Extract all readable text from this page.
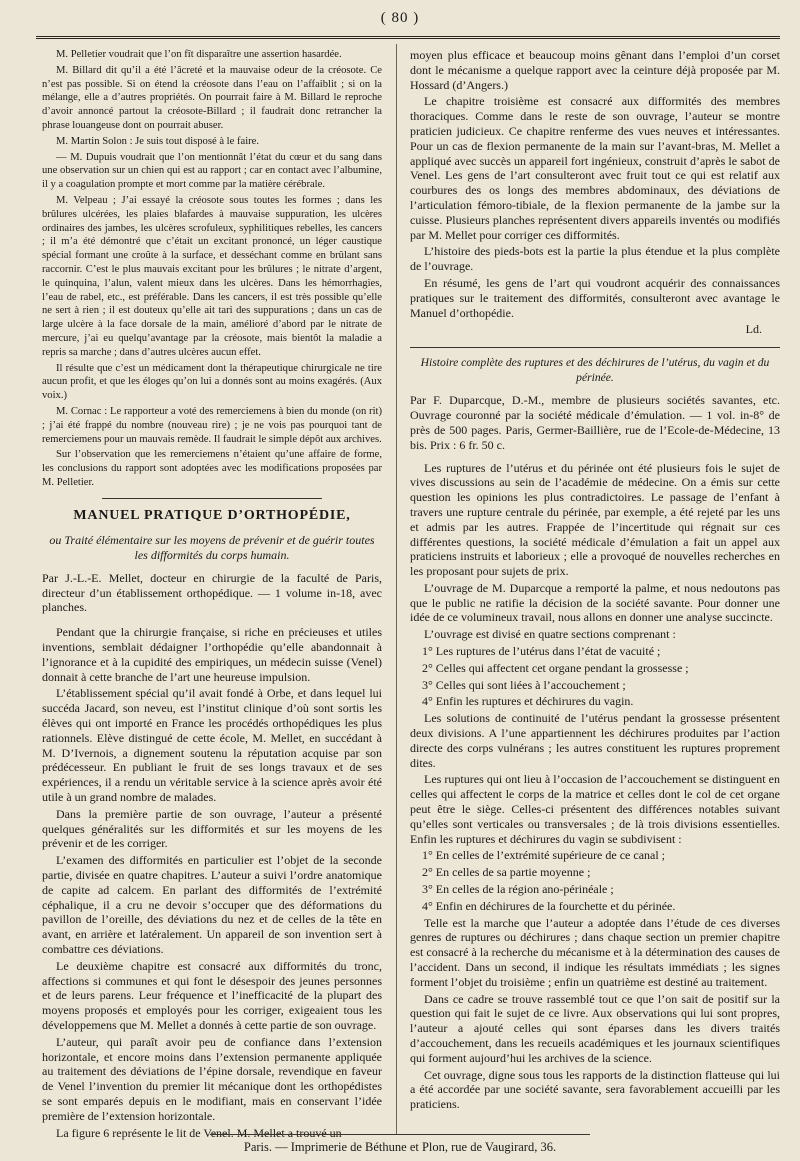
( 80 )

M. Pelletier voudrait que l’on fît disparaître une assertion hasardée.

M. Billard dit qu’il a été l’âcreté et la mauvaise odeur de la créosote. Ce n’est pas possible. Si on étend la créosote dans l’eau on l’affaiblit ; si on la mélange, elle a d’autres propriétés. On pourrait faire à M. Billard le reproche d’avoir annoncé partout la créosote-Billard ; il faudrait donc retrancher la phrase louangeuse dont on pourrait abuser.

M. Martin Solon : Je suis tout disposé à le faire.

— M. Dupuis voudrait que l’on mentionnât l’état du cœur et du sang dans une observation sur un chien qui est au rapport ; car en contact avec l’albumine, il y a coagulation prompte et mort comme par la matière cérébrale.

M. Velpeau ; J’ai essayé la créosote sous toutes les formes ; dans les brûlures ulcérées, les plaies blafardes à mauvaise suppuration, les ulcères ordinaires des jambes, les ulcères scrofuleux, syphilitiques rebelles, les cancers ; il m’a été démontré que c’était un excitant prononcé, un léger caustique spécial formant une croûte à la surface, et desséchant comme en brûlant sans raccornir. C’est le plus mauvais excitant pour les brûlures ; le nitrate d’argent, le quinquina, l’alun, valent mieux dans les ulcères. Dans les hémorrhagies, l’eau de rabel, etc., est préférable. Dans les cancers, il est très possible qu’elle ne sert à rien ; il est douteux qu’elle ait tari des suppurations ; dans un cas de large ulcère à la face dorsale de la main, amélioré d’abord par le nitrate de mercure, j’ai eu quelqu’avantage par la créosote, mais bientôt la maladie a repris sa marche ; dans d’autres ulcères aucun effet.

Il résulte que c’est un médicament dont la thérapeutique chirurgicale ne tire aucun profit, et que les éloges qu’on lui a donnés sont au moins exagérés. (Aux voix.)

M. Cornac : Le rapporteur a voté des remerciemens à bien du monde (on rit) ; j’ai été frappé du nombre (nouveau rire) ; je ne vois pas pourquoi tant de remerciemens pour un mauvais remède. Il faudrait le simple dépôt aux archives.

Sur l’observation que les remerciemens n’étaient qu’une affaire de forme, les conclusions du rapport sont adoptées avec les modifications proposées par M. Pelletier.

MANUEL PRATIQUE D’ORTHOPÉDIE,
ou Traité élémentaire sur les moyens de prévenir et de guérir toutes les difformités du corps humain.
Par J.-L.-E. Mellet, docteur en chirurgie de la faculté de Paris, directeur d’un établissement orthopédique. — 1 volume in-18, avec planches.

Pendant que la chirurgie française, si riche en précieuses et utiles inventions, semblait dédaigner l’orthopédie qu’elle abandonnait à l’ignorance et à la cupidité des empiriques, un médecin suisse (Venel) donnait à cette branche de l’art une heureuse impulsion.

L’établissement spécial qu’il avait fondé à Orbe, et dans lequel lui succéda Jacard, son neveu, est l’institut clinique d’où sont sortis les élèves qui ont importé en France les procédés orthopédiques les plus rationnels. Elève distingué de cette école, M. Mellet, en succédant à M. D’Ivernois, a dignement soutenu la réputation acquise par son prédécesseur. En publiant le fruit de ses longs travaux et de ses expériences, il a rendu un véritable service à la science après avoir été utile à un grand nombre de malades.

Dans la première partie de son ouvrage, l’auteur a présenté quelques généralités sur les difformités et sur les moyens de les prévenir et de les corriger.

L’examen des difformités en particulier est l’objet de la seconde partie, divisée en quatre chapitres. L’auteur a suivi l’ordre anatomique de capite ad calcem. En parlant des difformités de l’extrémité céphalique, il a cru ne devoir s’occuper que des déformations du pavillon de l’oreille, des déviations du nez et de celles de la tête en avant, en arrière et latéralement. Un appareil de son invention sert à combattre ces déviations.

Le deuxième chapitre est consacré aux difformités du tronc, affections si communes et qui font le désespoir des jeunes personnes et de leurs parens. Leur fréquence et l’inefficacité de la plupart des moyens proposés et employés pour les corriger, exigeaient tous les développemens que M. Mellet a donnés à cette partie de son ouvrage.

L’auteur, qui paraît avoir peu de confiance dans l’extension horizontale, et encore moins dans l’extension permanente appliquée au traitement des déviations de l’épine dorsale, revendique en faveur de Venel l’invention du premier lit mécanique dont les orthopédistes se sont emparés depuis en le modifiant, mais en conservant l’idée première de l’extension horizontale.

La figure 6 représente le lit de Venel. M. Mellet a trouvé un

moyen plus efficace et beaucoup moins gênant dans l’emploi d’un corset dont le mécanisme a quelque rapport avec la ceinture déjà proposée par M. Hossard (d’Angers.)

Le chapitre troisième est consacré aux difformités des membres thoraciques. Comme dans le reste de son ouvrage, l’auteur se montre praticien judicieux. Ce chapitre renferme des vues neuves et intéressantes. Pour un cas de flexion permanente de la main sur l’avant-bras, M. Mellet a appliqué avec succès un appareil fort ingénieux, construit d’après le sabot de Venel. Les gens de l’art consulteront avec fruit tout ce qui est relatif aux courbures des os longs des membres abdominaux, des déviations de l’articulation fémoro-tibiale, de la flexion permanente de la jambe sur la cuisse. Plusieurs planches représentent divers appareils inventés ou modifiés par M. Mellet pour corriger ces difformités.

L’histoire des pieds-bots est la partie la plus étendue et la plus complète de l’ouvrage.

En résumé, les gens de l’art qui voudront acquérir des connaissances pratiques sur le traitement des difformités, consulteront avec avantage le Manuel d’orthopédie.

Ld.

Histoire complète des ruptures et des déchirures de l’utérus, du vagin et du périnée.
Par F. Duparcque, D.-M., membre de plusieurs sociétés savantes, etc. Ouvrage couronné par la société médicale d’émulation. — 1 vol. in-8° de près de 500 pages. Paris, Germer-Baillière, rue de l’Ecole-de-Médecine, 13 bis. Prix : 6 fr. 50 c.

Les ruptures de l’utérus et du périnée ont été plusieurs fois le sujet de vives discussions au sein de l’académie de médecine. On a émis sur cette question les opinions les plus contradictoires. Le passage de l’enfant à travers une rupture centrale du périnée, par exemple, a été rejeté par les uns et admis par les autres. Frappée de l’incertitude qui régnait sur ces différentes questions, la société médicale d’émulation a fait un appel aux praticiens instruits et laborieux ; elle a provoqué de nouvelles recherches en les proposant pour sujets de prix.

L’ouvrage de M. Duparcque a remporté la palme, et nous nedoutons pas que le public ne ratifie la décision de la société savante. Pour donner une idée de ce volumineux travail, nous allons en donner une analyse succincte.

L’ouvrage est divisé en quatre sections comprenant :

1° Les ruptures de l’utérus dans l’état de vacuité ;

2° Celles qui affectent cet organe pendant la grossesse ;

3° Celles qui sont liées à l’accouchement ;

4° Enfin les ruptures et déchirures du vagin.

Les solutions de continuité de l’utérus pendant la grossesse présentent deux divisions. A l’une appartiennent les déchirures produites par l’action directe des corps vulnérans ; les autres constituent les ruptures proprement dites.

Les ruptures qui ont lieu à l’occasion de l’accouchement se distinguent en celles qui affectent le corps de la matrice et celles dont le col de cet organe peut être le siège. Celles-ci présentent des différences notables suivant qu’elles sont verticales ou transversales ; de là trois divisions essentielles. Enfin les ruptures et déchirures du vagin se subdivisent :

1° En celles de l’extrémité supérieure de ce canal ;

2° En celles de sa partie moyenne ;

3° En celles de la région ano-périnéale ;

4° Enfin en déchirures de la fourchette et du périnée.

Telle est la marche que l’auteur a adoptée dans l’étude de ces diverses genres de ruptures ou déchirures ; dans chaque section un premier chapitre est consacré à la recherche du mécanisme et à la détermination des causes de l’accident. Dans un second, il indique les résultats immédiats ; les signes forment l’objet du troisième ; enfin un quatrième est destiné au traitement.

Dans ce cadre se trouve rassemblé tout ce que l’on sait de positif sur la question qui fait le sujet de ce livre. Aux observations qui lui sont propres, l’auteur a ajouté celles qui sont éparses dans les divers traités d’accouchement, dans les recueils académiques et les journaux scientifiques qui forment aujourd’hui les archives de la science.

Cet ouvrage, digne sous tous les rapports de la distinction flatteuse qui lui a été accordée par une société savante, sera favorablement accueilli par les praticiens.

Paris. — Imprimerie de Béthune et Plon, rue de Vaugirard, 36.
